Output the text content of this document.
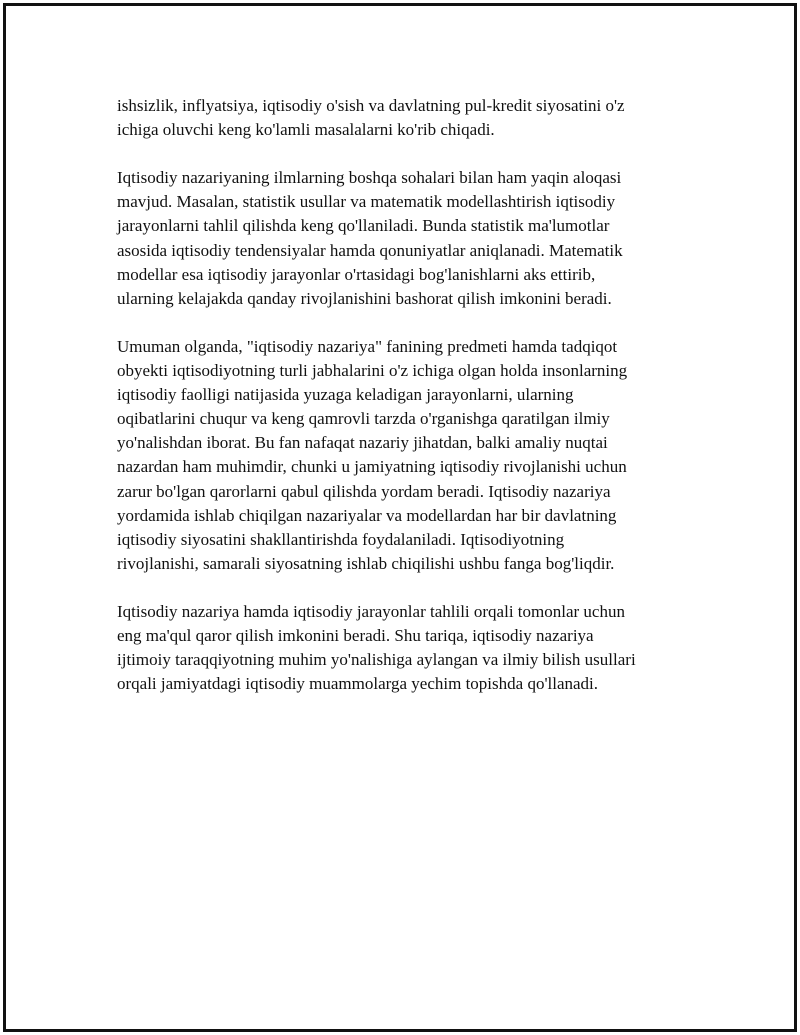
ishsizlik, inflyatsiya, iqtisodiy o'sish va davlatning pul-kredit siyosatini o'z
ichiga oluvchi keng ko'lamli masalalarni ko'rib chiqadi.

Iqtisodiy nazariyaning ilmlarning boshqa sohalari bilan ham yaqin aloqasi
mavjud. Masalan, statistik usullar va matematik modellashtirish iqtisodiy
jarayonlarni tahlil qilishda keng qo'llaniladi. Bunda statistik ma'lumotlar
asosida iqtisodiy tendensiyalar hamda qonuniyatlar aniqlanadi. Matematik
modellar esa iqtisodiy jarayonlar o'rtasidagi bog'lanishlarni aks ettirib,
ularning kelajakda qanday rivojlanishini bashorat qilish imkonini beradi.

Umuman olganda, "iqtisodiy nazariya" fanining predmeti hamda tadqiqot
obyekti iqtisodiyotning turli jabhalarini o'z ichiga olgan holda insonlarning
iqtisodiy faolligi natijasida yuzaga keladigan jarayonlarni, ularning
oqibatlarini chuqur va keng qamrovli tarzda o'rganishga qaratilgan ilmiy
yo'nalishdan iborat. Bu fan nafaqat nazariy jihatdan, balki amaliy nuqtai
nazardan ham muhimdir, chunki u jamiyatning iqtisodiy rivojlanishi uchun
zarur bo'lgan qarorlarni qabul qilishda yordam beradi. Iqtisodiy nazariya
yordamida ishlab chiqilgan nazariyalar va modellardan har bir davlatning
iqtisodiy siyosatini shakllantirishda foydalaniladi. Iqtisodiyotning
rivojlanishi, samarali siyosatning ishlab chiqilishi ushbu fanga bog'liqdir.

Iqtisodiy nazariya hamda iqtisodiy jarayonlar tahlili orqali tomonlar uchun
eng ma'qul qaror qilish imkonini beradi. Shu tariqa, iqtisodiy nazariya
ijtimoiy taraqqiyotning muhim yo'nalishiga aylangan va ilmiy bilish usullari
orqali jamiyatdagi iqtisodiy muammolarga yechim topishda qo'llanadi.
